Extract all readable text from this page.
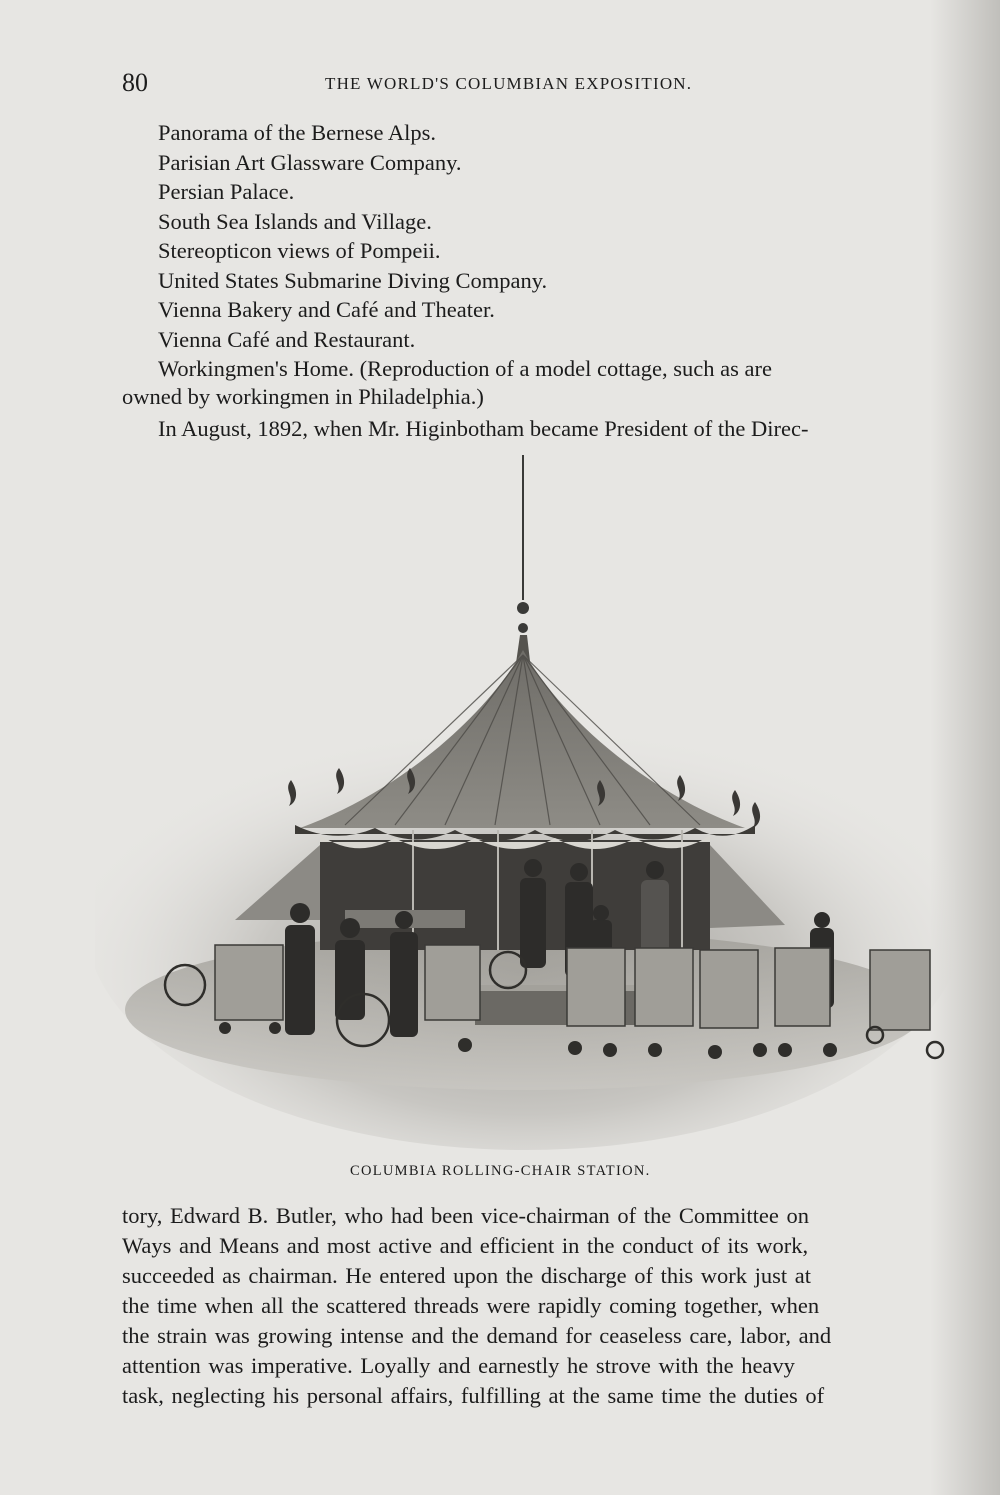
80	THE WORLD'S COLUMBIAN EXPOSITION.
Panorama of the Bernese Alps.
Parisian Art Glassware Company.
Persian Palace.
South Sea Islands and Village.
Stereopticon views of Pompeii.
United States Submarine Diving Company.
Vienna Bakery and Café and Theater.
Vienna Café and Restaurant.
Workingmen's Home. (Reproduction of a model cottage, such as are
owned by workingmen in Philadelphia.)
In August, 1892, when Mr. Higinbotham became President of the Direc-
COLUMBIA ROLLING-CHAIR STATION.
tory, Edward B. Butler, who had been vice-chairman of the Committee on
Ways and Means and most active and efficient in the conduct of its work,
succeeded as chairman. He entered upon the discharge of this work just at
the time when all the scattered threads were rapidly coming together, when
the strain was growing intense and the demand for ceaseless care, labor, and
attention was imperative. Loyally and earnestly he strove with the heavy
task, neglecting his personal affairs, fulfilling at the same time the duties of
